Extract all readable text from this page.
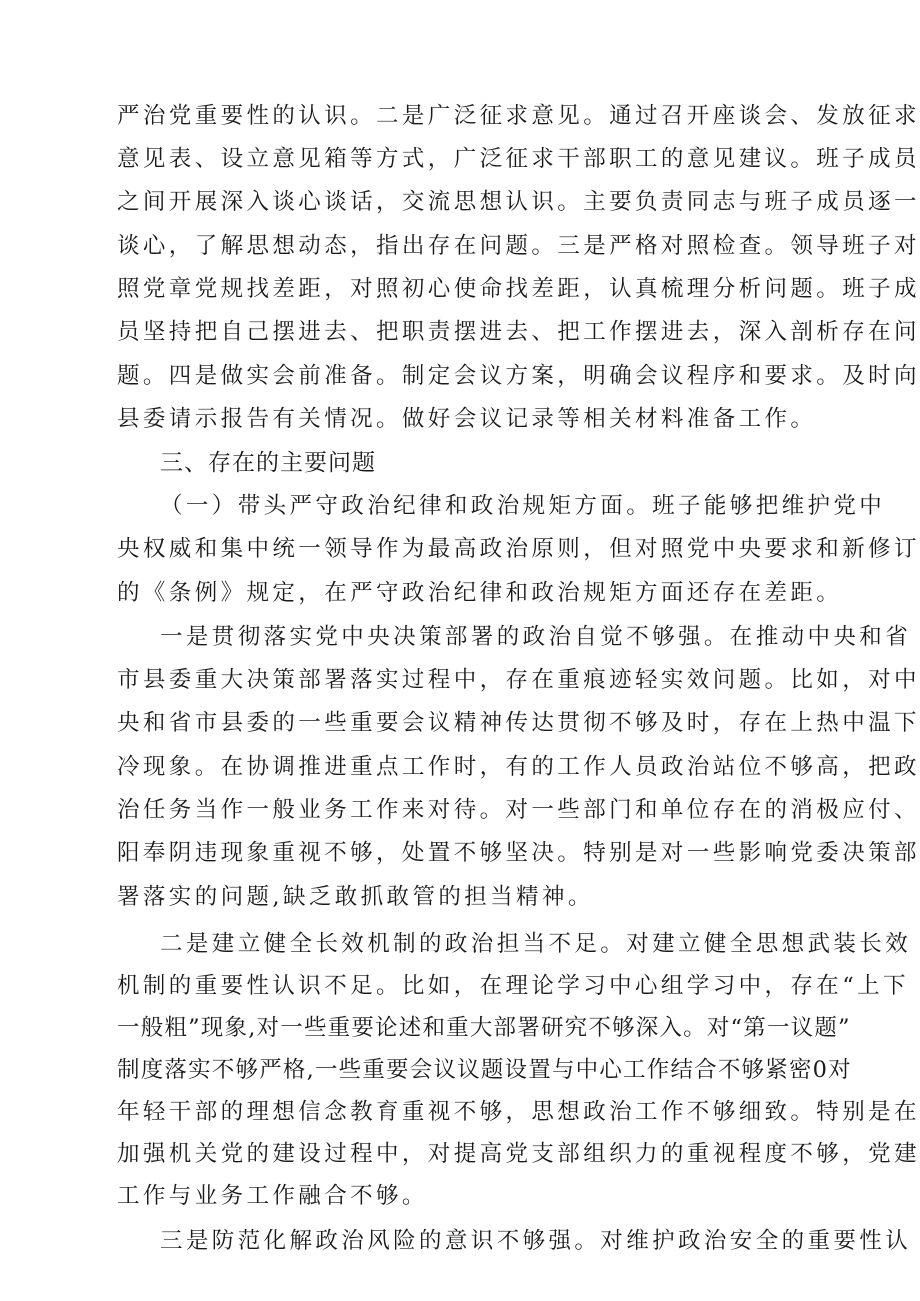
严治党重要性的认识。二是广泛征求意见。通过召开座谈会、发放征求
意见表、设立意见箱等方式，广泛征求干部职工的意见建议。班子成员
之间开展深入谈心谈话，交流思想认识。主要负责同志与班子成员逐一
谈心，了解思想动态，指出存在问题。三是严格对照检查。领导班子对
照党章党规找差距，对照初心使命找差距，认真梳理分析问题。班子成
员坚持把自己摆进去、把职责摆进去、把工作摆进去，深入剖析存在问
题。四是做实会前准备。制定会议方案，明确会议程序和要求。及时向
县委请示报告有关情况。做好会议记录等相关材料准备工作。
三、存在的主要问题
（一）带头严守政治纪律和政治规矩方面。班子能够把维护党中
央权威和集中统一领导作为最高政治原则，但对照党中央要求和新修订
的《条例》规定，在严守政治纪律和政治规矩方面还存在差距。
一是贯彻落实党中央决策部署的政治自觉不够强。在推动中央和省
市县委重大决策部署落实过程中，存在重痕迹轻实效问题。比如，对中
央和省市县委的一些重要会议精神传达贯彻不够及时，存在上热中温下
冷现象。在协调推进重点工作时，有的工作人员政治站位不够高，把政
治任务当作一般业务工作来对待。对一些部门和单位存在的消极应付、
阳奉阴违现象重视不够，处置不够坚决。特别是对一些影响党委决策部
署落实的问题,缺乏敢抓敢管的担当精神。
二是建立健全长效机制的政治担当不足。对建立健全思想武装长效
机制的重要性认识不足。比如，在理论学习中心组学习中，存在“上下
一般粗”现象,对一些重要论述和重大部署研究不够深入。对“第一议题”
制度落实不够严格,一些重要会议议题设置与中心工作结合不够紧密0对
年轻干部的理想信念教育重视不够，思想政治工作不够细致。特别是在
加强机关党的建设过程中，对提高党支部组织力的重视程度不够，党建
工作与业务工作融合不够。
三是防范化解政治风险的意识不够强。对维护政治安全的重要性认
